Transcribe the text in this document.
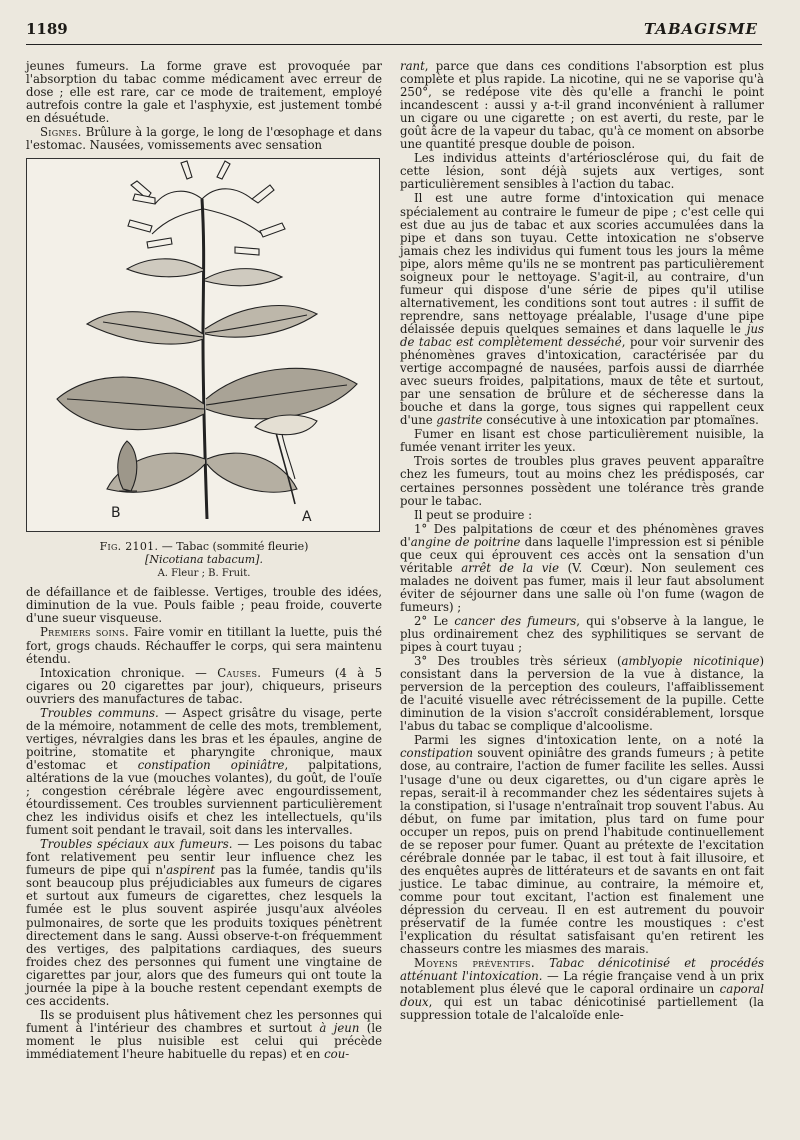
1189	TABAGISME

jeunes fumeurs. La forme grave est provoquée par l'absorption du tabac comme médicament avec erreur de dose ; elle est rare, car ce mode de traitement, employé autrefois contre la gale et l'asphyxie, est justement tombé en désuétude.

Signes. Brûlure à la gorge, le long de l'œsophage et dans l'estomac. Nausées, vomissements avec sensation

B	A
Fig. 2101. — Tabac (sommité fleurie)
[Nicotiana tabacum].
A. Fleur ; B. Fruit.

de défaillance et de faiblesse. Vertiges, trouble des idées, diminution de la vue. Pouls faible ; peau froide, couverte d'une sueur visqueuse.

Premiers soins. Faire vomir en titillant la luette, puis thé fort, grogs chauds. Réchauffer le corps, qui sera maintenu étendu.

Intoxication chronique. — Causes. Fumeurs (4 à 5 cigares ou 20 cigarettes par jour), chiqueurs, priseurs ouvriers des manufactures de tabac.

Troubles communs. — Aspect grisâtre du visage, perte de la mémoire, notamment de celle des mots, tremblement, vertiges, névralgies dans les bras et les épaules, angine de poitrine, stomatite et pharyngite chronique, maux d'estomac et constipation opiniâtre, palpitations, altérations de la vue (mouches volantes), du goût, de l'ouïe ; congestion cérébrale légère avec engourdissement, étourdissement. Ces troubles surviennent particulièrement chez les individus oisifs et chez les intellectuels, qu'ils fument soit pendant le travail, soit dans les intervalles.

Troubles spéciaux aux fumeurs. — Les poisons du tabac font relativement peu sentir leur influence chez les fumeurs de pipe qui n'aspirent pas la fumée, tandis qu'ils sont beaucoup plus préjudiciables aux fumeurs de cigares et surtout aux fumeurs de cigarettes, chez lesquels la fumée est le plus souvent aspirée jusqu'aux alvéoles pulmonaires, de sorte que les produits toxiques pénètrent directement dans le sang. Aussi observe-t-on fréquemment des vertiges, des palpitations cardiaques, des sueurs froides chez des personnes qui fument une vingtaine de cigarettes par jour, alors que des fumeurs qui ont toute la journée la pipe à la bouche restent cependant exempts de ces accidents.

Ils se produisent plus hâtivement chez les personnes qui fument à l'intérieur des chambres et surtout à jeun (le moment le plus nuisible est celui qui précède immédiatement l'heure habituelle du repas) et en cou-

rant, parce que dans ces conditions l'absorption est plus complète et plus rapide. La nicotine, qui ne se vaporise qu'à 250°, se redépose vite dès qu'elle a franchi le point incandescent : aussi y a-t-il grand inconvénient à rallumer un cigare ou une cigarette ; on est averti, du reste, par le goût âcre de la vapeur du tabac, qu'à ce moment on absorbe une quantité presque double de poison.

Les individus atteints d'artériosclérose qui, du fait de cette lésion, sont déjà sujets aux vertiges, sont particulièrement sensibles à l'action du tabac.

Il est une autre forme d'intoxication qui menace spécialement au contraire le fumeur de pipe ; c'est celle qui est due au jus de tabac et aux scories accumulées dans la pipe et dans son tuyau. Cette intoxication ne s'observe jamais chez les individus qui fument tous les jours la même pipe, alors même qu'ils ne se montrent pas particulièrement soigneux pour le nettoyage. S'agit-il, au contraire, d'un fumeur qui dispose d'une série de pipes qu'il utilise alternativement, les conditions sont tout autres : il suffit de reprendre, sans nettoyage préalable, l'usage d'une pipe délaissée depuis quelques semaines et dans laquelle le jus de tabac est complètement desséché, pour voir survenir des phénomènes graves d'intoxication, caractérisée par du vertige accompagné de nausées, parfois aussi de diarrhée avec sueurs froides, palpitations, maux de tête et surtout, par une sensation de brûlure et de sécheresse dans la bouche et dans la gorge, tous signes qui rappellent ceux d'une gastrite consécutive à une intoxication par ptomaïnes.

Fumer en lisant est chose particulièrement nuisible, la fumée venant irriter les yeux.

Trois sortes de troubles plus graves peuvent apparaître chez les fumeurs, tout au moins chez les prédisposés, car certaines personnes possèdent une tolérance très grande pour le tabac.

Il peut se produire :

1° Des palpitations de cœur et des phénomènes graves d'angine de poitrine dans laquelle l'impression est si pénible que ceux qui éprouvent ces accès ont la sensation d'un véritable arrêt de la vie (V. Cœur). Non seulement ces malades ne doivent pas fumer, mais il leur faut absolument éviter de séjourner dans une salle où l'on fume (wagon de fumeurs) ;

2° Le cancer des fumeurs, qui s'observe à la langue, le plus ordinairement chez des syphilitiques se servant de pipes à court tuyau ;

3° Des troubles très sérieux (amblyopie nicotinique) consistant dans la perversion de la vue à distance, la perversion de la perception des couleurs, l'affaiblissement de l'acuité visuelle avec rétrécissement de la pupille. Cette diminution de la vision s'accroît considérablement, lorsque l'abus du tabac se complique d'alcoolisme.

Parmi les signes d'intoxication lente, on a noté la constipation souvent opiniâtre des grands fumeurs ; à petite dose, au contraire, l'action de fumer facilite les selles. Aussi l'usage d'une ou deux cigarettes, ou d'un cigare après le repas, serait-il à recommander chez les sédentaires sujets à la constipation, si l'usage n'entraînait trop souvent l'abus. Au début, on fume par imitation, plus tard on fume pour occuper un repos, puis on prend l'habitude continuellement de se reposer pour fumer. Quant au prétexte de l'excitation cérébrale donnée par le tabac, il est tout à fait illusoire, et des enquêtes auprès de littérateurs et de savants en ont fait justice. Le tabac diminue, au contraire, la mémoire et, comme pour tout excitant, l'action est finalement une dépression du cerveau. Il en est autrement du pouvoir préservatif de la fumée contre les moustiques : c'est l'explication du résultat satisfaisant qu'en retirent les chasseurs contre les miasmes des marais.

Moyens préventifs. Tabac dénicotinisé et procédés atténuant l'intoxication. — La régie française vend à un prix notablement plus élevé que le caporal ordinaire un caporal doux, qui est un tabac dénicotinisé partiellement (la suppression totale de l'alcaloïde enle-
